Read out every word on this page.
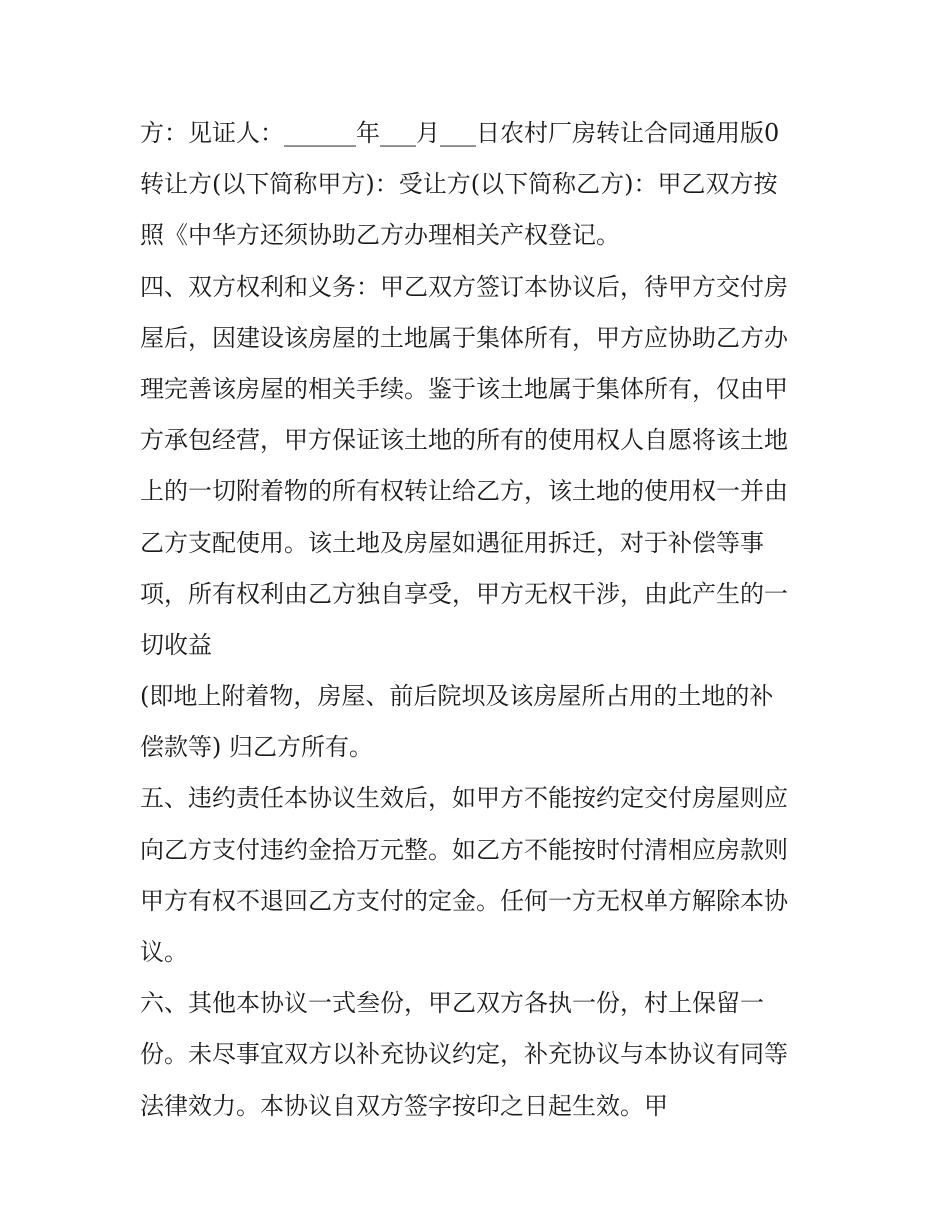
方：见证人：______年___月___日农村厂房转让合同通用版0
转让方(以下简称甲方)：受让方(以下简称乙方)：甲乙双方按
照《中华方还须协助乙方办理相关产权登记。
四、双方权利和义务：甲乙双方签订本协议后，待甲方交付房
屋后，因建设该房屋的土地属于集体所有，甲方应协助乙方办
理完善该房屋的相关手续。鉴于该土地属于集体所有，仅由甲
方承包经营，甲方保证该土地的所有的使用权人自愿将该土地
上的一切附着物的所有权转让给乙方，该土地的使用权一并由
乙方支配使用。该土地及房屋如遇征用拆迁，对于补偿等事
项，所有权利由乙方独自享受，甲方无权干涉，由此产生的一
切收益
(即地上附着物，房屋、前后院坝及该房屋所占用的土地的补
偿款等) 归乙方所有。
五、违约责任本协议生效后，如甲方不能按约定交付房屋则应
向乙方支付违约金拾万元整。如乙方不能按时付清相应房款则
甲方有权不退回乙方支付的定金。任何一方无权单方解除本协
议。
六、其他本协议一式叁份，甲乙双方各执一份，村上保留一
份。未尽事宜双方以补充协议约定，补充协议与本协议有同等
法律效力。本协议自双方签字按印之日起生效。甲
